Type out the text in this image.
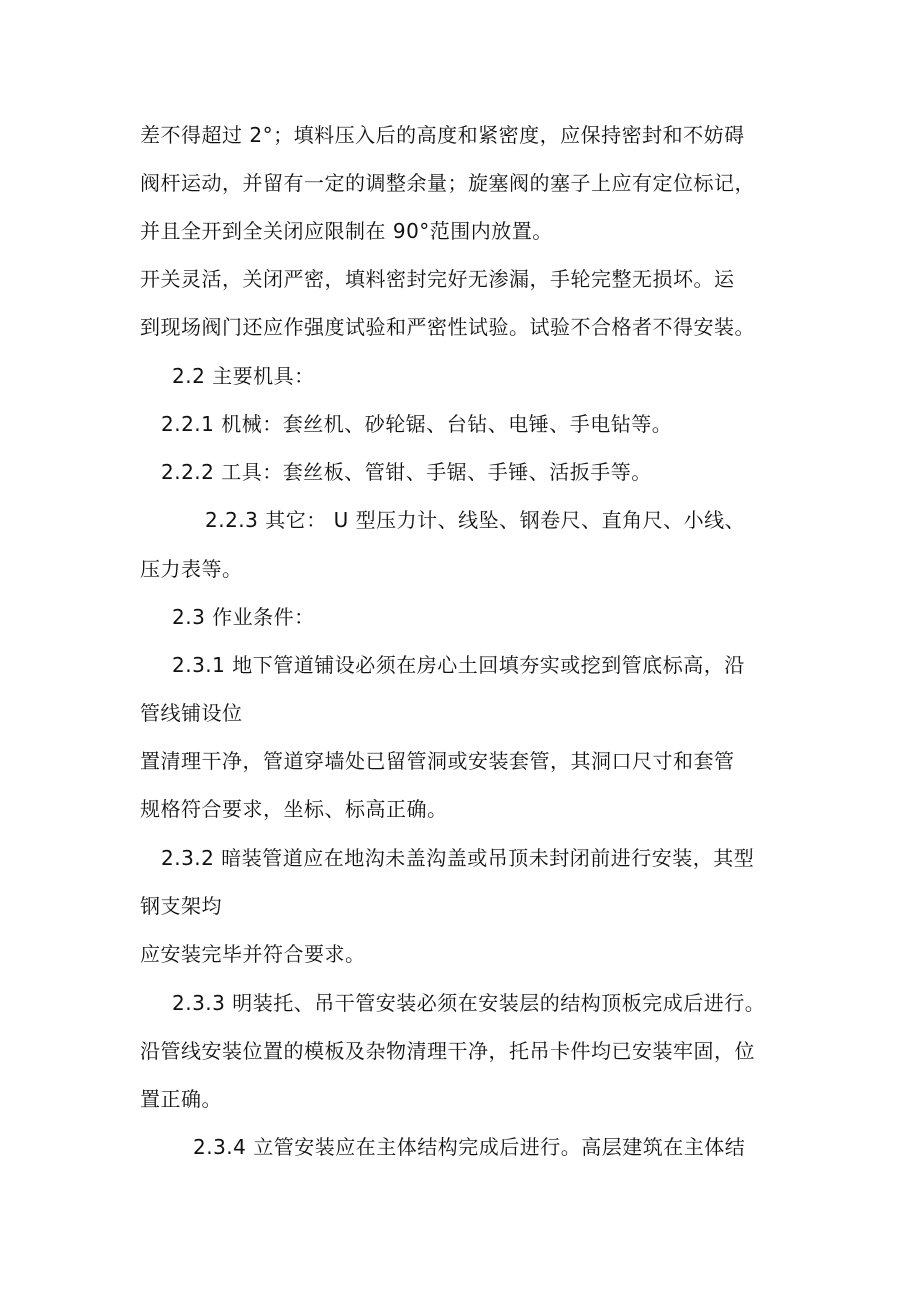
差不得超过 2°；填料压入后的高度和紧密度，应保持密封和不妨碍
阀杆运动，并留有一定的调整余量；旋塞阀的塞子上应有定位标记，
并且全开到全关闭应限制在 90°范围内放置。
开关灵活，关闭严密，填料密封完好无渗漏，手轮完整无损坏。运
到现场阀门还应作强度试验和严密性试验。试验不合格者不得安装。
2.2 主要机具：
2.2.1 机械：套丝机、砂轮锯、台钻、电锤、手电钻等。
2.2.2 工具：套丝板、管钳、手锯、手锤、活扳手等。
2.2.3 其它： U 型压力计、线坠、钢卷尺、直角尺、小线、
压力表等。
2.3 作业条件：
2.3.1 地下管道铺设必须在房心土回填夯实或挖到管底标高，沿
管线铺设位
置清理干净，管道穿墙处已留管洞或安装套管，其洞口尺寸和套管
规格符合要求，坐标、标高正确。
2.3.2 暗装管道应在地沟未盖沟盖或吊顶未封闭前进行安装，其型
钢支架均
应安装完毕并符合要求。
2.3.3 明装托、吊干管安装必须在安装层的结构顶板完成后进行。
沿管线安装位置的模板及杂物清理干净，托吊卡件均已安装牢固，位
置正确。
2.3.4 立管安装应在主体结构完成后进行。高层建筑在主体结
